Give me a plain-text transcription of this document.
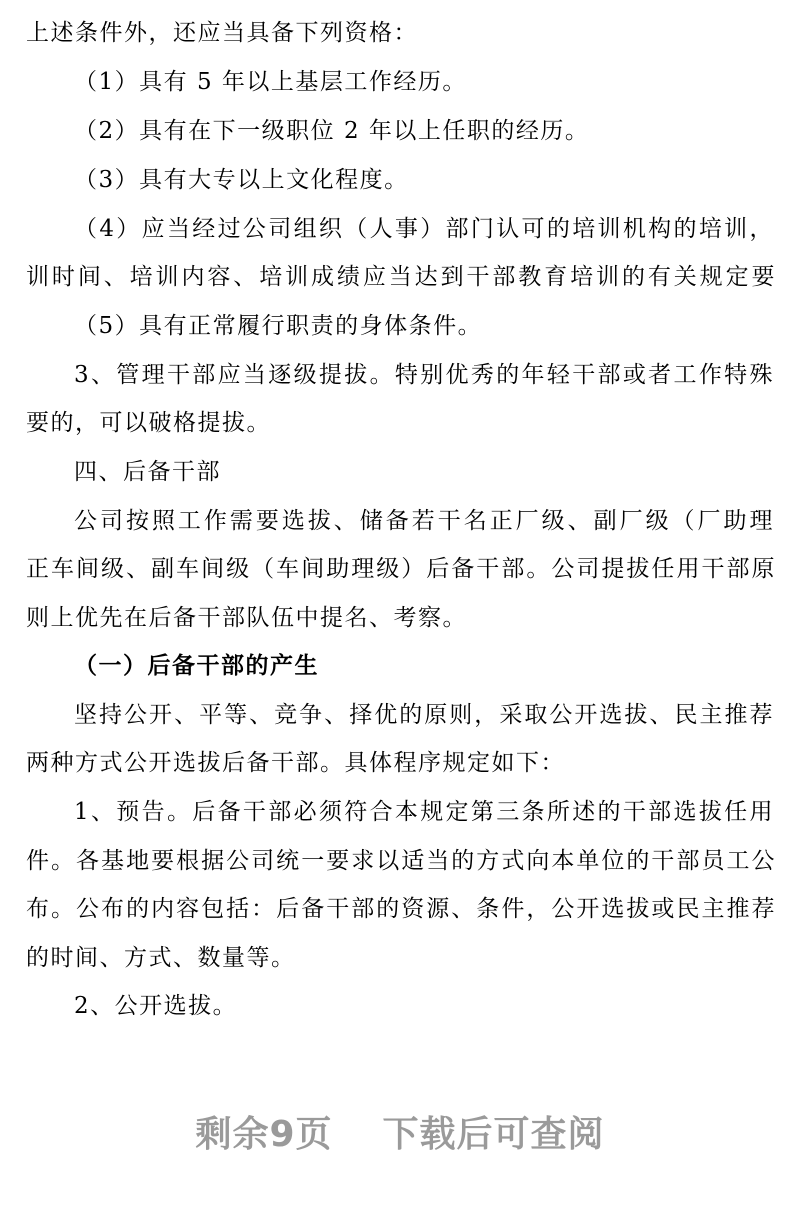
上述条件外，还应当具备下列资格：
（1）具有 5 年以上基层工作经历。
（2）具有在下一级职位 2 年以上任职的经历。
（3）具有大专以上文化程度。
（4）应当经过公司组织（人事）部门认可的培训机构的培训，
训时间、培训内容、培训成绩应当达到干部教育培训的有关规定要
（5）具有正常履行职责的身体条件。
3、管理干部应当逐级提拔。特别优秀的年轻干部或者工作特殊
要的，可以破格提拔。
四、后备干部
公司按照工作需要选拔、储备若干名正厂级、副厂级（厂助理
正车间级、副车间级（车间助理级）后备干部。公司提拔任用干部原
则上优先在后备干部队伍中提名、考察。
（一）后备干部的产生
坚持公开、平等、竞争、择优的原则，采取公开选拔、民主推荐
两种方式公开选拔后备干部。具体程序规定如下：
1、预告。后备干部必须符合本规定第三条所述的干部选拔任用
件。各基地要根据公司统一要求以适当的方式向本单位的干部员工公
布。公布的内容包括：后备干部的资源、条件，公开选拔或民主推荐
的时间、方式、数量等。
2、公开选拔。
剩余9页 下载后可查阅
